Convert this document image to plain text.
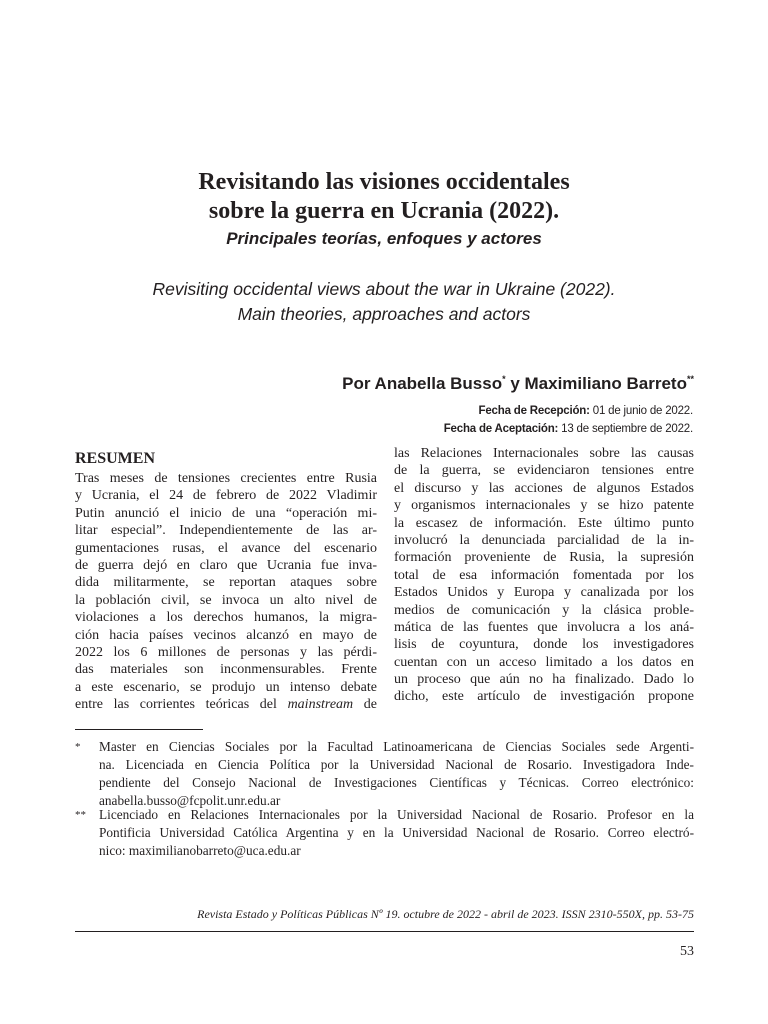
Revisitando las visiones occidentales
sobre la guerra en Ucrania (2022).
Principales teorías, enfoques y actores
Revisiting occidental views about the war in Ukraine (2022).
Main theories, approaches and actors
Por Anabella Busso* y Maximiliano Barreto**
Fecha de Recepción: 01 de junio de 2022.
Fecha de Aceptación: 13 de septiembre de 2022.
RESUMEN
Tras meses de tensiones crecientes entre Rusia
y Ucrania, el 24 de febrero de 2022 Vladimir
Putin anunció el inicio de una “operación mi-
litar especial”. Independientemente de las ar-
gumentaciones rusas, el avance del escenario
de guerra dejó en claro que Ucrania fue inva-
dida militarmente, se reportan ataques sobre
la población civil, se invoca un alto nivel de
violaciones a los derechos humanos, la migra-
ción hacia países vecinos alcanzó en mayo de
2022 los 6 millones de personas y las pérdi-
das materiales son inconmensurables. Frente
a este escenario, se produjo un intenso debate
entre las corrientes teóricas del mainstream de
las Relaciones Internacionales sobre las causas
de la guerra, se evidenciaron tensiones entre
el discurso y las acciones de algunos Estados
y organismos internacionales y se hizo patente
la escasez de información. Este último punto
involucró la denunciada parcialidad de la in-
formación proveniente de Rusia, la supresión
total de esa información fomentada por los
Estados Unidos y Europa y canalizada por los
medios de comunicación y la clásica proble-
mática de las fuentes que involucra a los aná-
lisis de coyuntura, donde los investigadores
cuentan con un acceso limitado a los datos en
un proceso que aún no ha finalizado. Dado lo
dicho, este artículo de investigación propone
* Master en Ciencias Sociales por la Facultad Latinoamericana de Ciencias Sociales sede Argenti-
na. Licenciada en Ciencia Política por la Universidad Nacional de Rosario. Investigadora Inde-
pendiente del Consejo Nacional de Investigaciones Científicas y Técnicas. Correo electrónico:
anabella.busso@fcpolit.unr.edu.ar
** Licenciado en Relaciones Internacionales por la Universidad Nacional de Rosario. Profesor en la
Pontificia Universidad Católica Argentina y en la Universidad Nacional de Rosario. Correo electró-
nico: maximilianobarreto@uca.edu.ar
Revista Estado y Políticas Públicas Nº 19. octubre de 2022 - abril de 2023. ISSN 2310-550X, pp. 53-75
53
